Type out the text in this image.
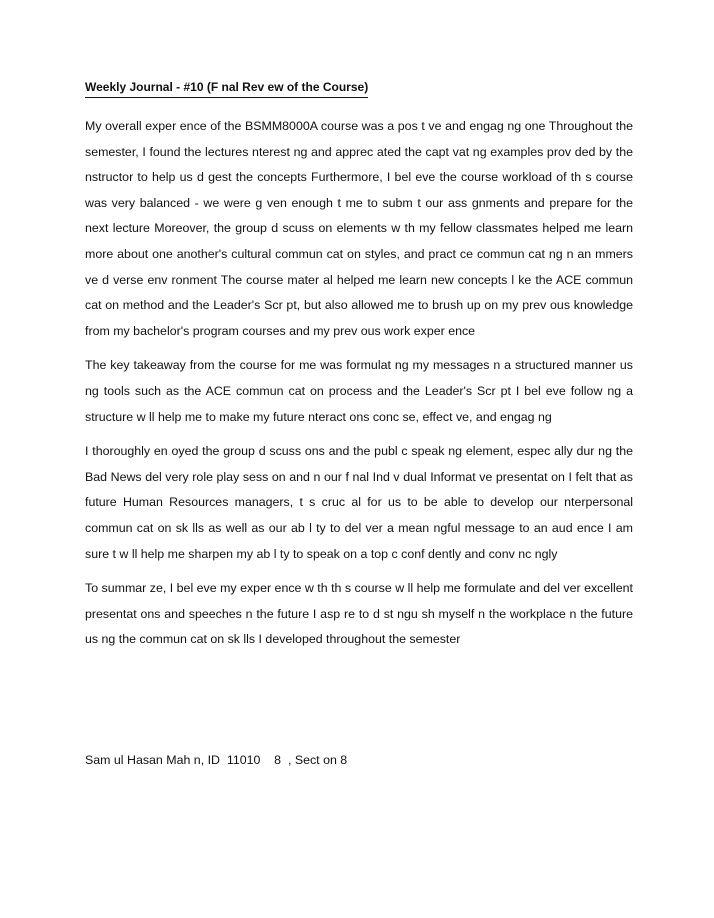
Weekly Journal - #10 (F nal Rev ew of the Course)

My overall exper ence of the BSMM8000A course was a pos t ve and engag ng one Throughout the semester, I found the lectures nterest ng and apprec ated the capt vat ng examples prov ded by the nstructor to help us d gest the concepts Furthermore, I bel eve the course workload of th s course was very balanced - we were g ven enough t me to subm t our ass gnments and prepare for the next lecture Moreover, the group d scuss on elements w th my fellow classmates helped me learn more about one another's cultural commun cat on styles, and pract ce commun cat ng n an mmers ve d verse env ronment The course mater al helped me learn new concepts l ke the ACE commun cat on method and the Leader's Scr pt, but also allowed me to brush up on my prev ous knowledge from my bachelor's program courses and my prev ous work exper ence

The key takeaway from the course for me was formulat ng my messages n a structured manner us ng tools such as the ACE commun cat on process and the Leader's Scr pt I bel eve follow ng a structure w ll help me to make my future nteract ons conc se, effect ve, and engag ng

I thoroughly en oyed the group d scuss ons and the publ c speak ng element, espec ally dur ng the Bad News del very role play sess on and n our f nal Ind v dual Informat ve presentat on I felt that as future Human Resources managers, t s cruc al for us to be able to develop our nterpersonal commun cat on sk lls as well as our ab l ty to del ver a mean ngful message to an aud ence I am sure t w ll help me sharpen my ab l ty to speak on a top c conf dently and conv nc ngly

To summar ze, I bel eve my exper ence w th th s course w ll help me formulate and del ver excellent presentat ons and speeches n the future I asp re to d st ngu sh myself n the workplace n the future us ng the commun cat on sk lls I developed throughout the semester

Sam ul Hasan Mah n, ID  11010    8  , Sect on 8
